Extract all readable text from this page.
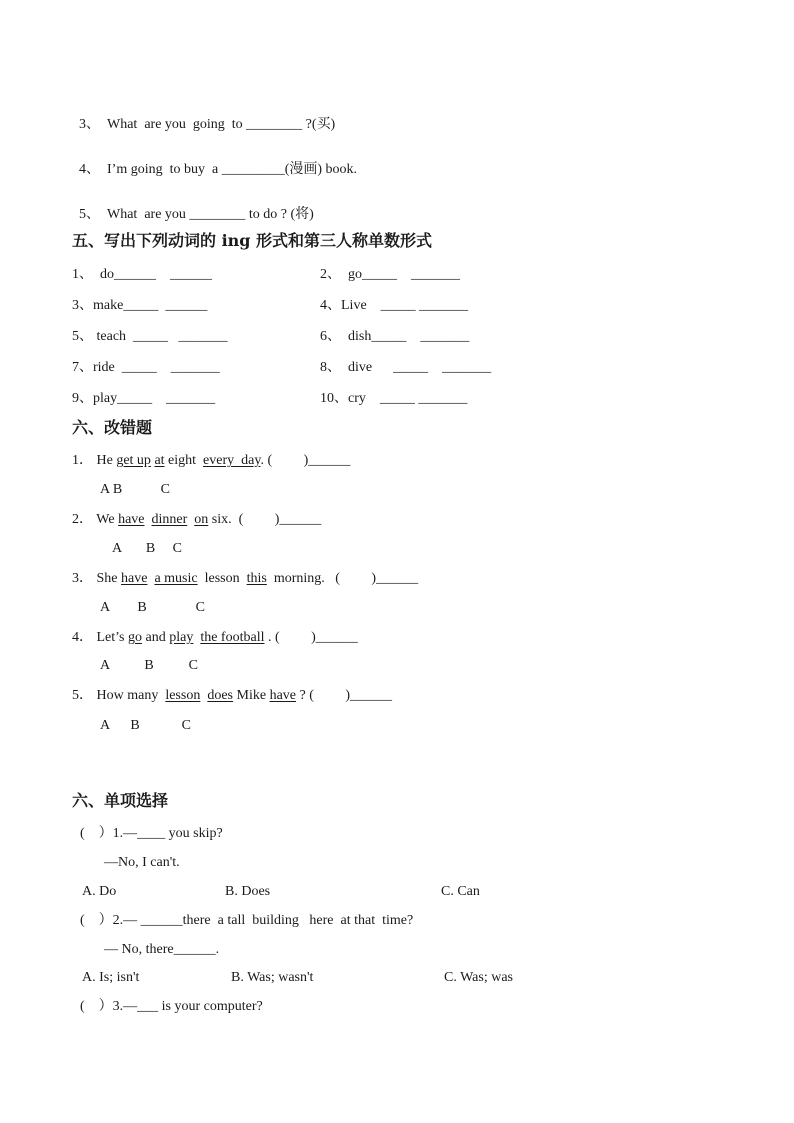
3、 What  are you  going  to ________ ?(买)

4、 I’m going  to buy  a _________(漫画) book.

5、 What  are you ________ to do ? (将)

五、写出下列动词的 ing 形式和第三人称单数形式
1、  do______    ______	2、  go_____    _______
3、make_____  ______	4、Live    _____ _______
5、 teach  _____   _______	6、  dish_____    _______
7、ride  _____    _______	8、  dive      _____    _______
9、play_____    _______	10、cry    _____ _______
六、改错题
1． He get up at eight  every  day. (         )______
A B           C
2． We have dinner on six.  (         )______
A       B     C
3． She have a music  lesson  this  morning.   (         )______
A        B              C
4． Let’s go and play the football . (         )______
A          B          C
5． How many  lesson does Mike have ? (         )______
A      B            C
六、单项选择
(    ）1.—____ you skip?
—No, I can't.
A. Do	B. Does	C. Can
(    ）2.— ______there  a tall  building   here  at that  time?
— No, there______.
A. Is; isn't	B. Was; wasn't	C. Was; was
(    ）3.—___ is your computer?
